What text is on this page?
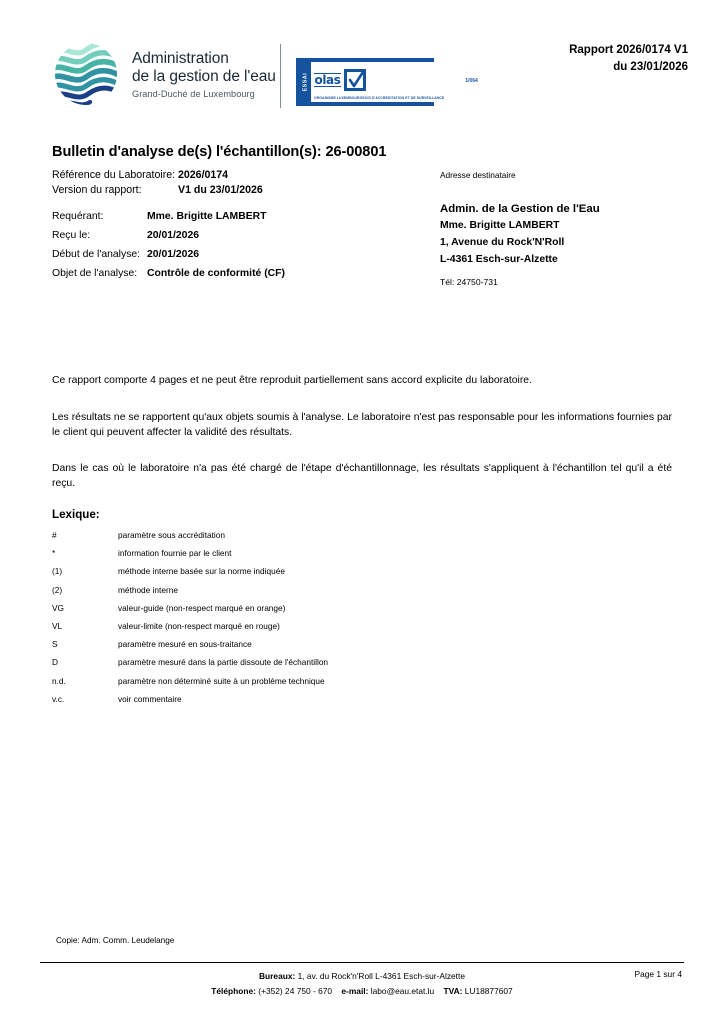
Administration
de la gestion de l'eau
Grand-Duché de Luxembourg
ESSAI olas
ORGANISME LUXEMBOURGEOIS D'ACCREDITATION ET DE SURVEILLANCE
NUMERO
D'ACCREDITATION:
1/064
ISO/CEI 17025
Rapport 2026/0174 V1
du 23/01/2026
Bulletin d'analyse de(s) l'échantillon(s): 26-00801
Référence du Laboratoire: 2026/0174
Version du rapport:	V1 du 23/01/2026
Requérant:	Mme. Brigitte LAMBERT
Reçu le:	20/01/2026
Début de l'analyse: 20/01/2026
Objet de l'analyse: Contrôle de conformité (CF)
Adresse destinataire
Admin. de la Gestion de l'Eau
Mme. Brigitte LAMBERT
1, Avenue du Rock'N'Roll
L-4361 Esch-sur-Alzette
Tél: 24750-731

Ce rapport comporte 4 pages et ne peut être reproduit partiellement sans accord explicite du laboratoire.

Les résultats ne se rapportent qu'aux objets soumis à l'analyse. Le laboratoire n'est pas responsable pour les informations fournies par le client qui peuvent affecter la validité des résultats.

Dans le cas où le laboratoire n'a pas été chargé de l'étape d'échantillonnage, les résultats s'appliquent à l'échantillon tel qu'il a été reçu.

Lexique:
#	paramètre sous accréditation
*	information fournie par le client
(1)	méthode interne basée sur la norme indiquée
(2)	méthode interne
VG	valeur-guide (non-respect marqué en orange)
VL	valeur-limite (non-respect marqué en rouge)
S	paramètre mesuré en sous-traitance
D	paramètre mesuré dans la partie dissoute de l'échantillon
n.d.	paramètre non déterminé suite à un problème technique
v.c.	voir commentaire
Copie: Adm. Comm. Leudelange
Bureaux: 1, av. du Rock'n'Roll L-4361 Esch-sur-Alzette
Téléphone: (+352) 24 750 - 670 e-mail: labo@eau.etat.lu TVA: LU18877607
Page 1 sur 4
